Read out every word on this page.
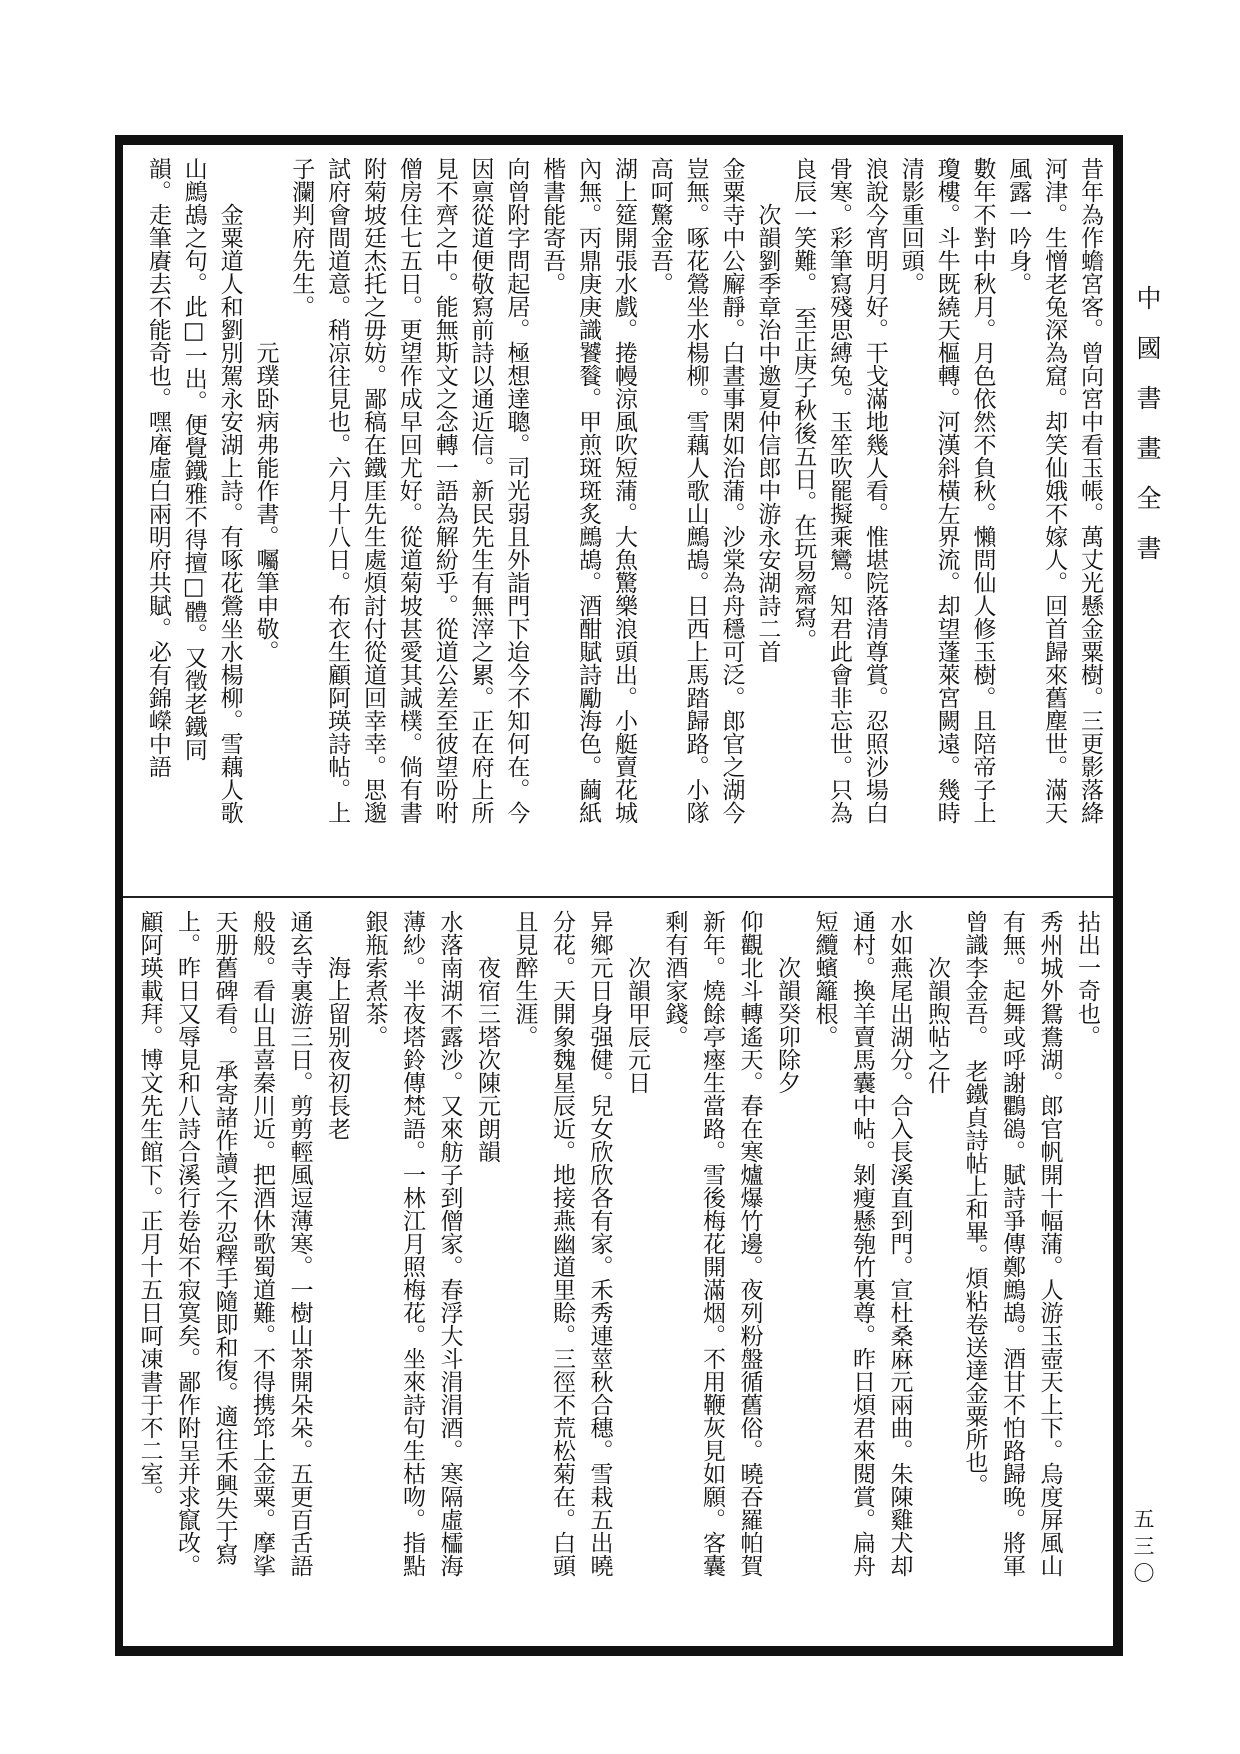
中國書畫全書
五三〇
昔年為作蟾宮客。曾向宮中看玉帳。萬丈光懸金粟樹。三更影落絳
河津。生憎老兔深為窟。却笑仙娥不嫁人。回首歸來舊塵世。滿天
風露一吟身。
數年不對中秋月。月色依然不負秋。懶問仙人修玉樹。且陪帝子上
瓊樓。斗牛既繞天樞轉。河漢斜橫左界流。却望蓬萊宮闕遠。幾時
清影重回頭。
浪說今宵明月好。干戈滿地幾人看。惟堪院落清尊賞。忍照沙場白
骨寒。彩筆寫殘思縛兔。玉笙吹罷擬乘鸞。知君此會非忘世。只為
良辰一笑難。　至正庚子秋後五日。在玩易齋寫。
次韻劉季章治中邀夏仲信郎中游永安湖詩二首
金粟寺中公廨靜。白晝事閑如治蒲。沙棠為舟穩可泛。郎官之湖今
豈無。啄花鶯坐水楊柳。雪藕人歌山鷓鴣。日西上馬踏歸路。小隊
高呵驚金吾。
湖上筵開張水戲。捲幔涼風吹短蒲。大魚驚樂浪頭出。小艇賣花城
內無。丙鼎庚庚識饕餮。甲煎斑斑炙鷓鴣。酒酣賦詩勵海色。繭紙
楷書能寄吾。
向曾附字問起居。極想達聰。司光弱且外詣門下迨今不知何在。今
因禀從道便敬寫前詩以通近信。新民先生有無滓之累。正在府上所
見不齊之中。能無斯文之念轉一語為解紛乎。從道公差至彼望吩咐
僧房住七五日。更望作成早回尤好。從道菊坡甚愛其誠樸。倘有書
附菊坡廷杰托之毋妨。鄙稿在鐵厓先生處煩討付從道回幸幸。思邈
試府會間道意。稍凉往見也。六月十八日。布衣生顧阿瑛詩帖。上
子瀾判府先生。
元璞卧病弗能作書。囑筆申敬。
金粟道人和劉別駕永安湖上詩。有啄花鶯坐水楊柳。雪藕人歌
山鷓鴣之句。此□一出。便覺鐵雅不得擅□體。又徵老鐵同
韻。走筆賡去不能奇也。嘿庵虛白兩明府共賦。必有錦嶸中語
拈出一奇也。
秀州城外鴛鴦湖。郎官帆開十幅蒲。人游玉壺天上下。烏度屏風山
有無。起舞或呼謝鸜鵒。賦詩爭傳鄭鷓鴣。酒甘不怕路歸晚。將軍
曾識李金吾。　老鐵貞詩帖上和畢。煩粘卷送達金粟所也。
次韻煦帖之什
水如燕尾出湖分。合入長溪直到門。宣杜桑麻元兩曲。朱陳雞犬却
通村。換羊賣馬囊中帖。剝瘦懸匏竹裏尊。昨日煩君來閱賞。扁舟
短纜蠙籬根。
次韻癸卯除夕
仰觀北斗轉遙天。春在寒爐爆竹邊。夜列粉盤循舊俗。曉吞羅帕賀
新年。燒餘亭瘞生當路。雪後梅花開滿烟。不用鞭灰見如願。客囊
剩有酒家錢。
次韻甲辰元日
异鄉元日身强健。兒女欣欣各有家。禾秀連莖秋合穗。雪栽五出曉
分花。天開象魏星辰近。地接燕幽道里賒。三徑不荒松菊在。白頭
且見醉生涯。
夜宿三塔次陳元朗韻
水落南湖不露沙。又來舫子到僧家。春浮大斗涓涓酒。寒隔虛櫺海
薄紗。半夜塔鈴傳梵語。一林江月照梅花。坐來詩句生枯吻。指點
銀瓶索煮茶。
海上留别夜初長老
通玄寺裏游三日。剪剪輕風逗薄寒。一樹山茶開朵朵。五更百舌語
般般。看山且喜秦川近。把酒休歌蜀道難。不得携筇上金粟。摩挲
天册舊碑看。　承寄諸作讀之不忍釋手隨即和復。適往禾興失于寫
上。昨日又辱見和八詩合溪行卷始不寂寞矣。鄙作附呈并求竄改。
顧阿瑛載拜。博文先生館下。正月十五日呵凍書于不二室。
